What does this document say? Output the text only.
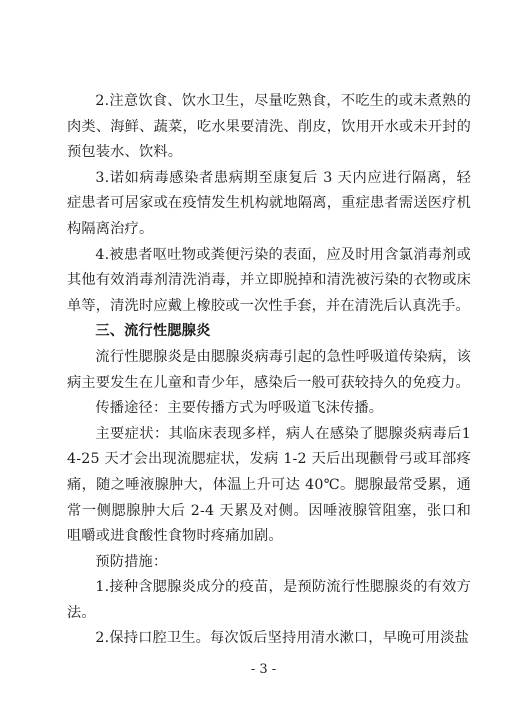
2.注意饮食、饮水卫生，尽量吃熟食，不吃生的或未煮熟的肉类、海鲜、蔬菜，吃水果要清洗、削皮，饮用开水或未开封的预包装水、饮料。

3.诺如病毒感染者患病期至康复后 3 天内应进行隔离，轻症患者可居家或在疫情发生机构就地隔离，重症患者需送医疗机构隔离治疗。

4.被患者呕吐物或粪便污染的表面，应及时用含氯消毒剂或其他有效消毒剂清洗消毒，并立即脱掉和清洗被污染的衣物或床单等，清洗时应戴上橡胶或一次性手套，并在清洗后认真洗手。

三、流行性腮腺炎

流行性腮腺炎是由腮腺炎病毒引起的急性呼吸道传染病，该病主要发生在儿童和青少年，感染后一般可获较持久的免疫力。

传播途径：主要传播方式为呼吸道飞沫传播。

主要症状：其临床表现多样，病人在感染了腮腺炎病毒后14-25 天才会出现流腮症状，发病 1-2 天后出现颧骨弓或耳部疼痛，随之唾液腺肿大，体温上升可达 40℃。腮腺最常受累，通常一侧腮腺肿大后 2-4 天累及对侧。因唾液腺管阻塞，张口和咀嚼或进食酸性食物时疼痛加剧。

预防措施：

1.接种含腮腺炎成分的疫苗，是预防流行性腮腺炎的有效方法。

2.保持口腔卫生。每次饭后坚持用清水漱口，早晚可用淡盐

- 3 -
